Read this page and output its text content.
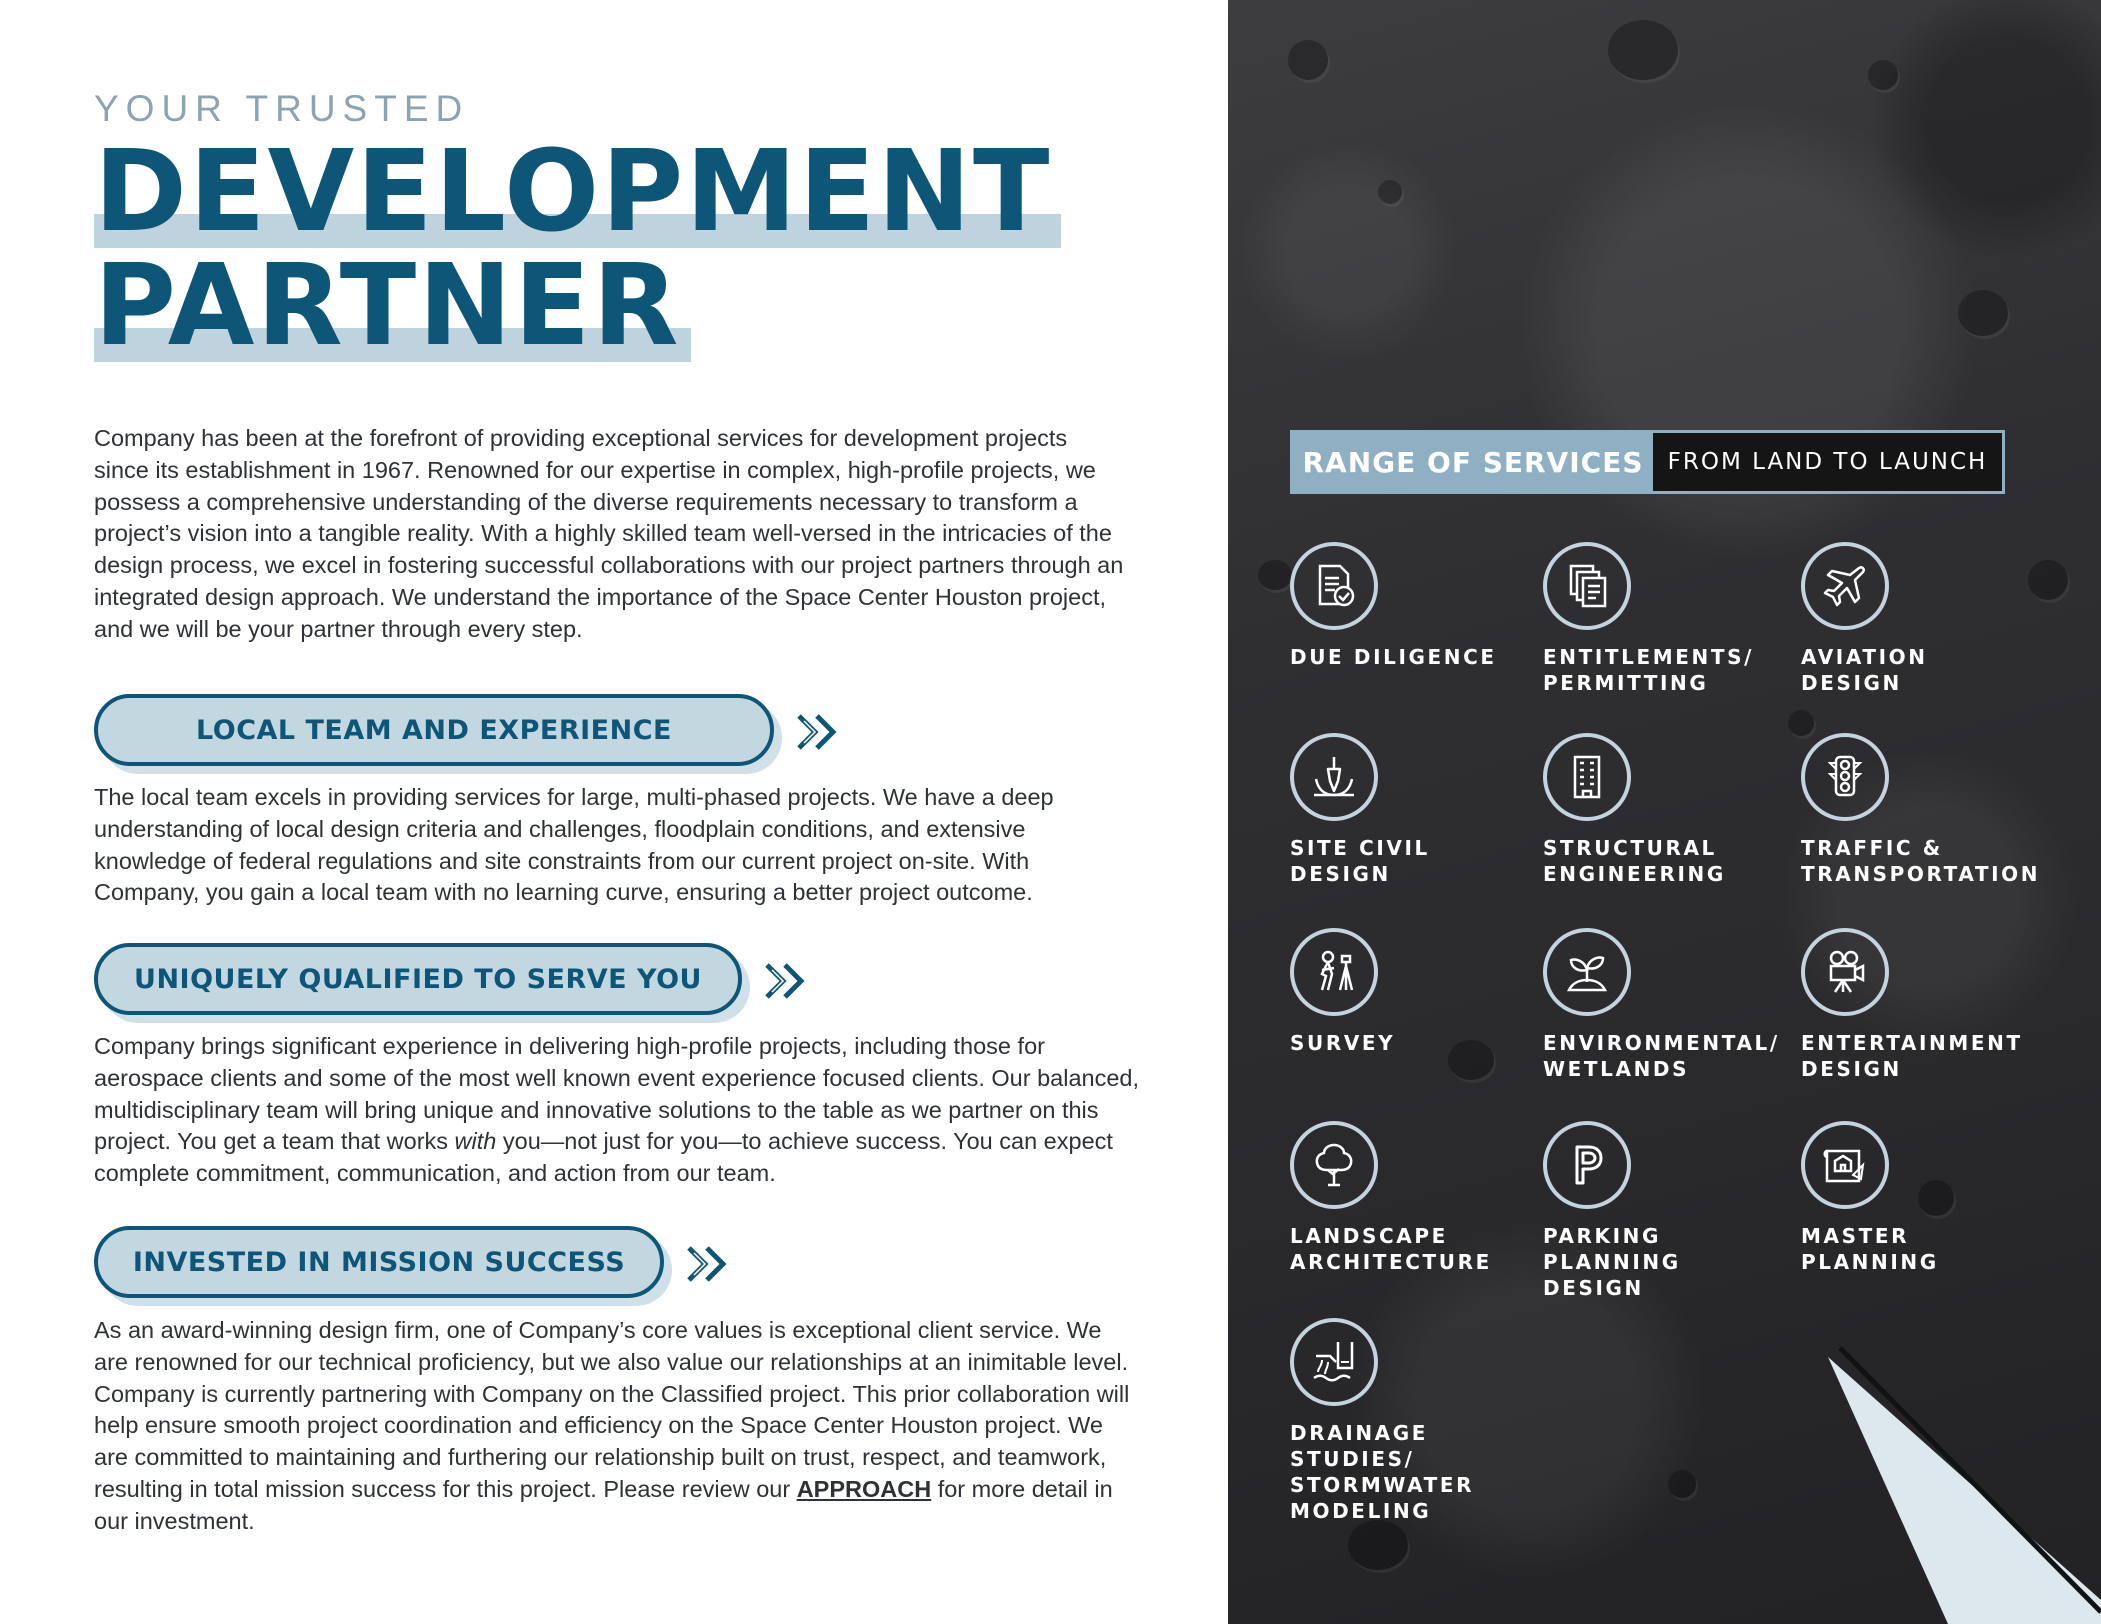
YOUR TRUSTED
DEVELOPMENT
PARTNER

Company has been at the forefront of providing exceptional services for development projects
since its establishment in 1967. Renowned for our expertise in complex, high-profile projects, we
possess a comprehensive understanding of the diverse requirements necessary to transform a
project’s vision into a tangible reality. With a highly skilled team well-versed in the intricacies of the
design process, we excel in fostering successful collaborations with our project partners through an
integrated design approach. We understand the importance of the Space Center Houston project,
and we will be your partner through every step.

LOCAL TEAM AND EXPERIENCE

The local team excels in providing services for large, multi-phased projects. We have a deep
understanding of local design criteria and challenges, floodplain conditions, and extensive
knowledge of federal regulations and site constraints from our current project on-site. With
Company, you gain a local team with no learning curve, ensuring a better project outcome.

UNIQUELY QUALIFIED TO SERVE YOU

Company brings significant experience in delivering high-profile projects, including those for
aerospace clients and some of the most well known event experience focused clients. Our balanced,
multidisciplinary team will bring unique and innovative solutions to the table as we partner on this
project. You get a team that works with you—not just for you—to achieve success. You can expect
complete commitment, communication, and action from our team.

INVESTED IN MISSION SUCCESS

As an award-winning design firm, one of Company’s core values is exceptional client service. We
are renowned for our technical proficiency, but we also value our relationships at an inimitable level.
Company is currently partnering with Company on the Classified project. This prior collaboration will
help ensure smooth project coordination and efficiency on the Space Center Houston project. We
are committed to maintaining and furthering our relationship built on trust, respect, and teamwork,
resulting in total mission success for this project. Please review our APPROACH for more detail in
our investment.

RANGE OF SERVICES	FROM LAND TO LAUNCH
DUE DILIGENCE	ENTITLEMENTS/
PERMITTING
AVIATION
DESIGN
SITE CIVIL
DESIGN
STRUCTURAL
ENGINEERING
TRAFFIC &
TRANSPORTATION
SURVEY	ENVIRONMENTAL/
WETLANDS
ENTERTAINMENT
DESIGN
LANDSCAPE
ARCHITECTURE
PARKING PLANNING
DESIGN
MASTER
PLANNING
DRAINAGE STUDIES/
STORMWATER
MODELING
